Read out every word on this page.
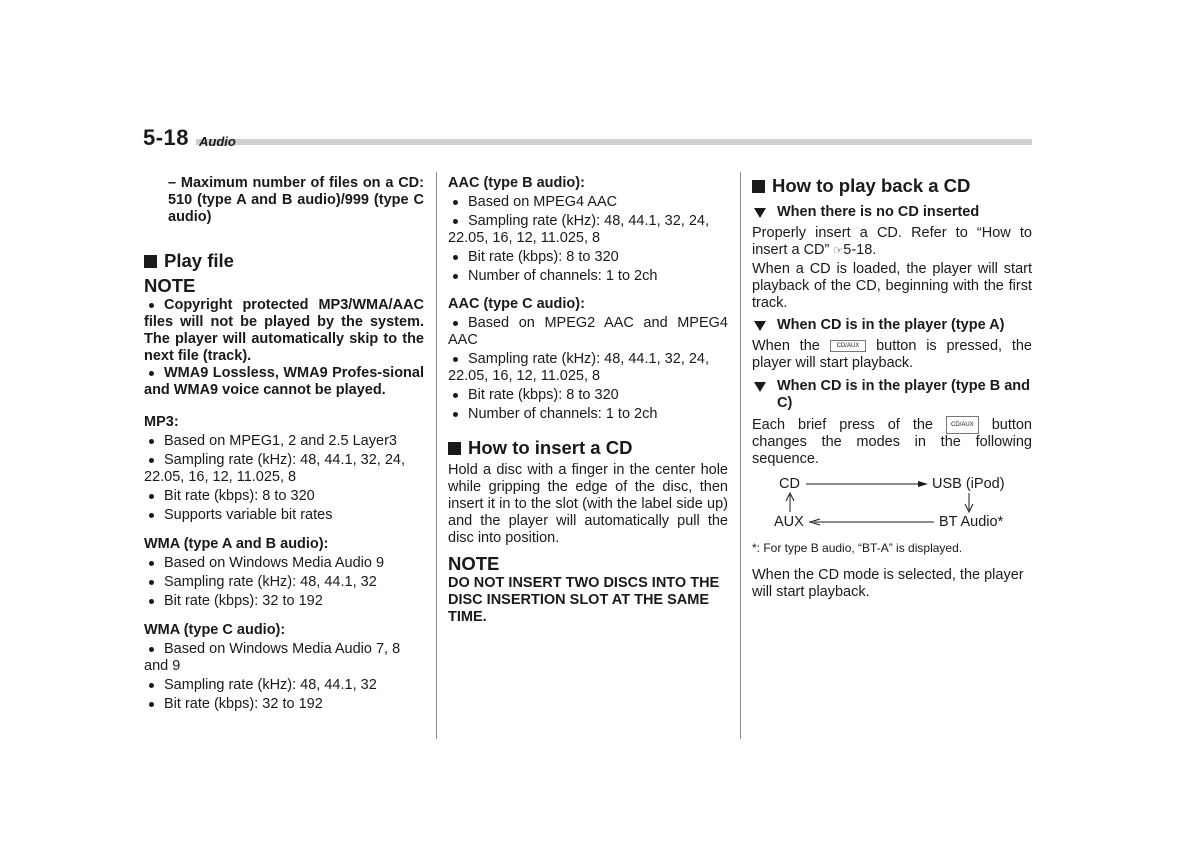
5-18 Audio

– Maximum number of files on a CD: 510 (type A and B audio)/999 (type C audio)

Play file
NOTE

Copyright protected MP3/WMA/AAC files will not be played by the system. The player will automatically skip to the next file (track).

WMA9 Lossless, WMA9 Profes-sional and WMA9 voice cannot be played.

MP3:

Based on MPEG1, 2 and 2.5 Layer3

Sampling rate (kHz): 48, 44.1, 32, 24, 22.05, 16, 12, 11.025, 8

Bit rate (kbps): 8 to 320

Supports variable bit rates

WMA (type A and B audio):

Based on Windows Media Audio 9

Sampling rate (kHz): 48, 44.1, 32

Bit rate (kbps): 32 to 192

WMA (type C audio):

Based on Windows Media Audio 7, 8 and 9

Sampling rate (kHz): 48, 44.1, 32

Bit rate (kbps): 32 to 192

AAC (type B audio):

Based on MPEG4 AAC

Sampling rate (kHz): 48, 44.1, 32, 24, 22.05, 16, 12, 11.025, 8

Bit rate (kbps): 8 to 320

Number of channels: 1 to 2ch

AAC (type C audio):

Based on MPEG2 AAC and MPEG4 AAC

Sampling rate (kHz): 48, 44.1, 32, 24, 22.05, 16, 12, 11.025, 8

Bit rate (kbps): 8 to 320

Number of channels: 1 to 2ch

How to insert a CD

Hold a disc with a finger in the center hole while gripping the edge of the disc, then insert it in to the slot (with the label side up) and the player will automatically pull the disc into position.

NOTE

DO NOT INSERT TWO DISCS INTO THE DISC INSERTION SLOT AT THE SAME TIME.

How to play back a CD

When there is no CD inserted

Properly insert a CD. Refer to “How to insert a CD” ☞5-18.

When a CD is loaded, the player will start playback of the CD, beginning with the first track.

When CD is in the player (type A)

When the	CD/AUX button is pressed, the player will start playback.

When CD is in the player (type B and C)

Each brief press of the	CD/AUX button changes the modes in the following sequence.

CD	USB (iPod)
AUX	BT Audio*

*: For type B audio, “BT-A” is displayed.

When the CD mode is selected, the player will start playback.
